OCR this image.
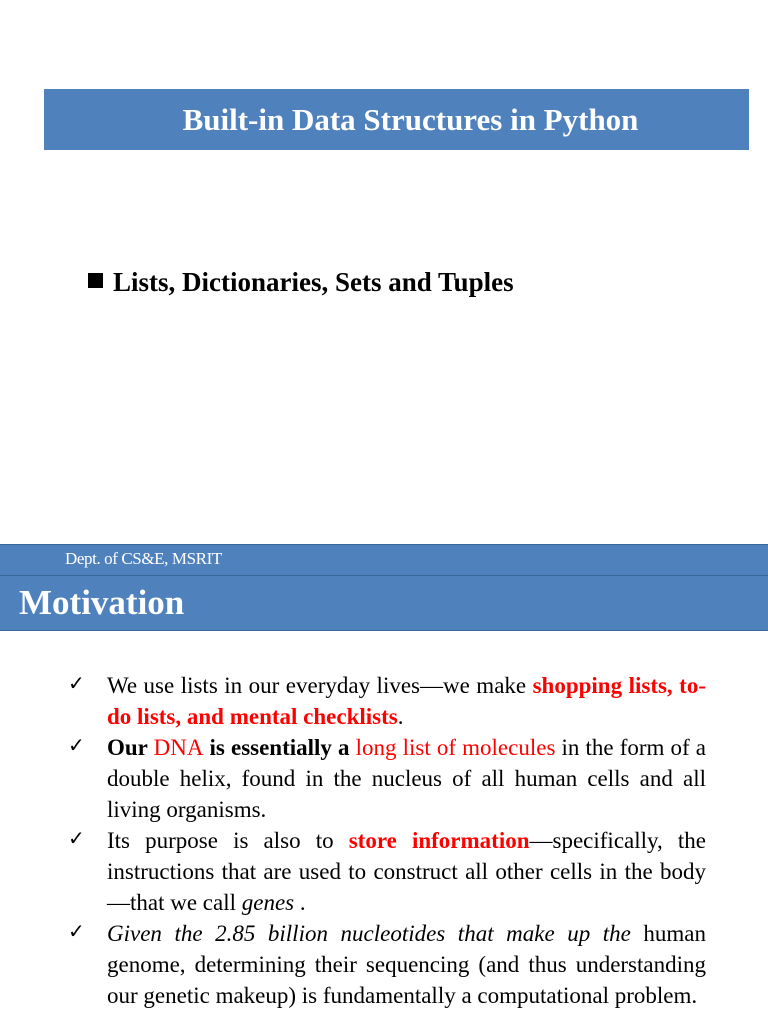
Built-in Data Structures in Python
Lists, Dictionaries, Sets and Tuples
Dept. of CS&E, MSRIT
Motivation
✓ We use lists in our everyday lives—we make shopping lists, to-do lists, and mental checklists.
✓ Our DNA is essentially a long list of molecules in the form of a double helix, found in the nucleus of all human cells and all living organisms.
✓ Its purpose is also to store information—specifically, the instructions that are used to construct all other cells in the body—that we call genes .
✓ Given the 2.85 billion nucleotides that make up the human genome, determining their sequencing (and thus understanding our genetic makeup) is fundamentally a computational problem.
